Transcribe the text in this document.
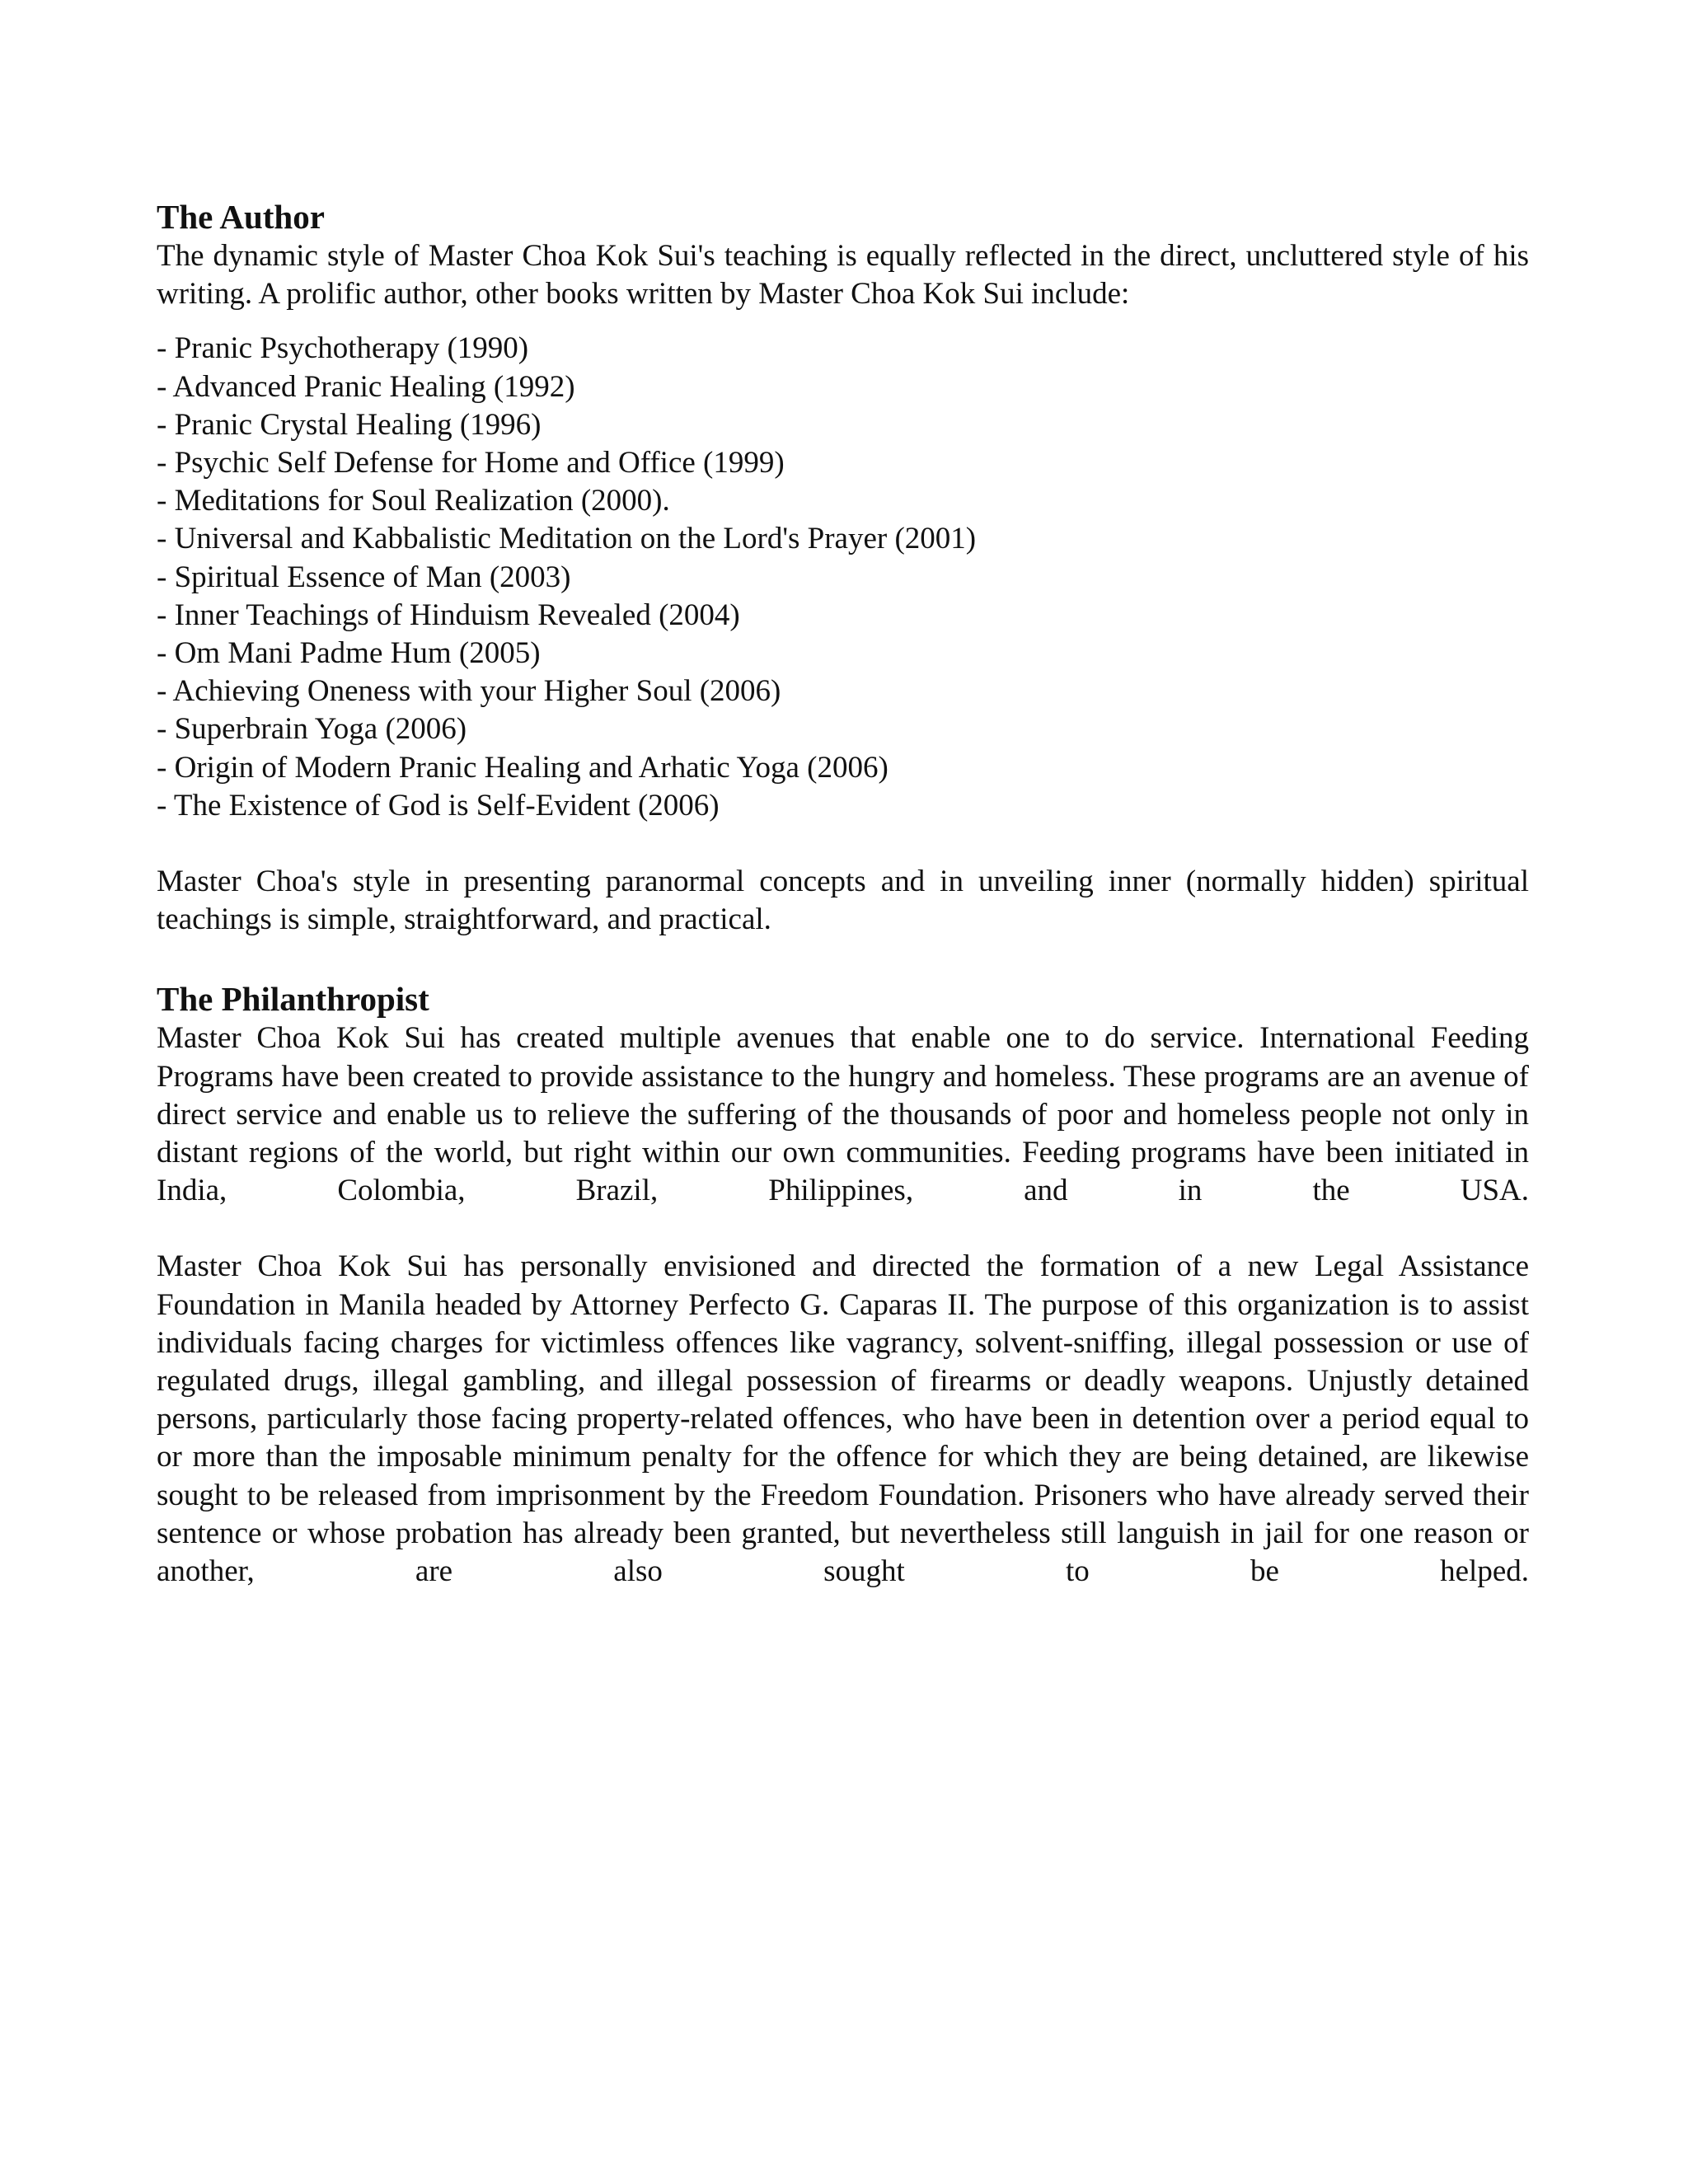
The Author

The dynamic style of Master Choa Kok Sui's teaching is equally reflected in the direct, uncluttered style of his writing. A prolific author, other books written by Master Choa Kok Sui include:

- Pranic Psychotherapy (1990)
- Advanced Pranic Healing (1992)
- Pranic Crystal Healing (1996)
- Psychic Self Defense for Home and Office (1999)
- Meditations for Soul Realization (2000).
- Universal and Kabbalistic Meditation on the Lord's Prayer (2001)
- Spiritual Essence of Man (2003)
- Inner Teachings of Hinduism Revealed (2004)
- Om Mani Padme Hum (2005)
- Achieving Oneness with your Higher Soul (2006)
- Superbrain Yoga (2006)
- Origin of Modern Pranic Healing and Arhatic Yoga (2006)
- The Existence of God is Self-Evident (2006)

Master Choa's style in presenting paranormal concepts and in unveiling inner (normally hidden) spiritual teachings is simple, straightforward, and practical.

The Philanthropist

Master Choa Kok Sui has created multiple avenues that enable one to do service. International Feeding Programs have been created to provide assistance to the hungry and homeless. These programs are an avenue of direct service and enable us to relieve the suffering of the thousands of poor and homeless people not only in distant regions of the world, but right within our own communities. Feeding programs have been initiated in India, Colombia, Brazil, Philippines, and in the USA.

Master Choa Kok Sui has personally envisioned and directed the formation of a new Legal Assistance Foundation in Manila headed by Attorney Perfecto G. Caparas II. The purpose of this organization is to assist individuals facing charges for victimless offences like vagrancy, solvent-sniffing, illegal possession or use of regulated drugs, illegal gambling, and illegal possession of firearms or deadly weapons. Unjustly detained persons, particularly those facing property-related offences, who have been in detention over a period equal to or more than the imposable minimum penalty for the offence for which they are being detained, are likewise sought to be released from imprisonment by the Freedom Foundation. Prisoners who have already served their sentence or whose probation has already been granted, but nevertheless still languish in jail for one reason or another, are also sought to be helped.
